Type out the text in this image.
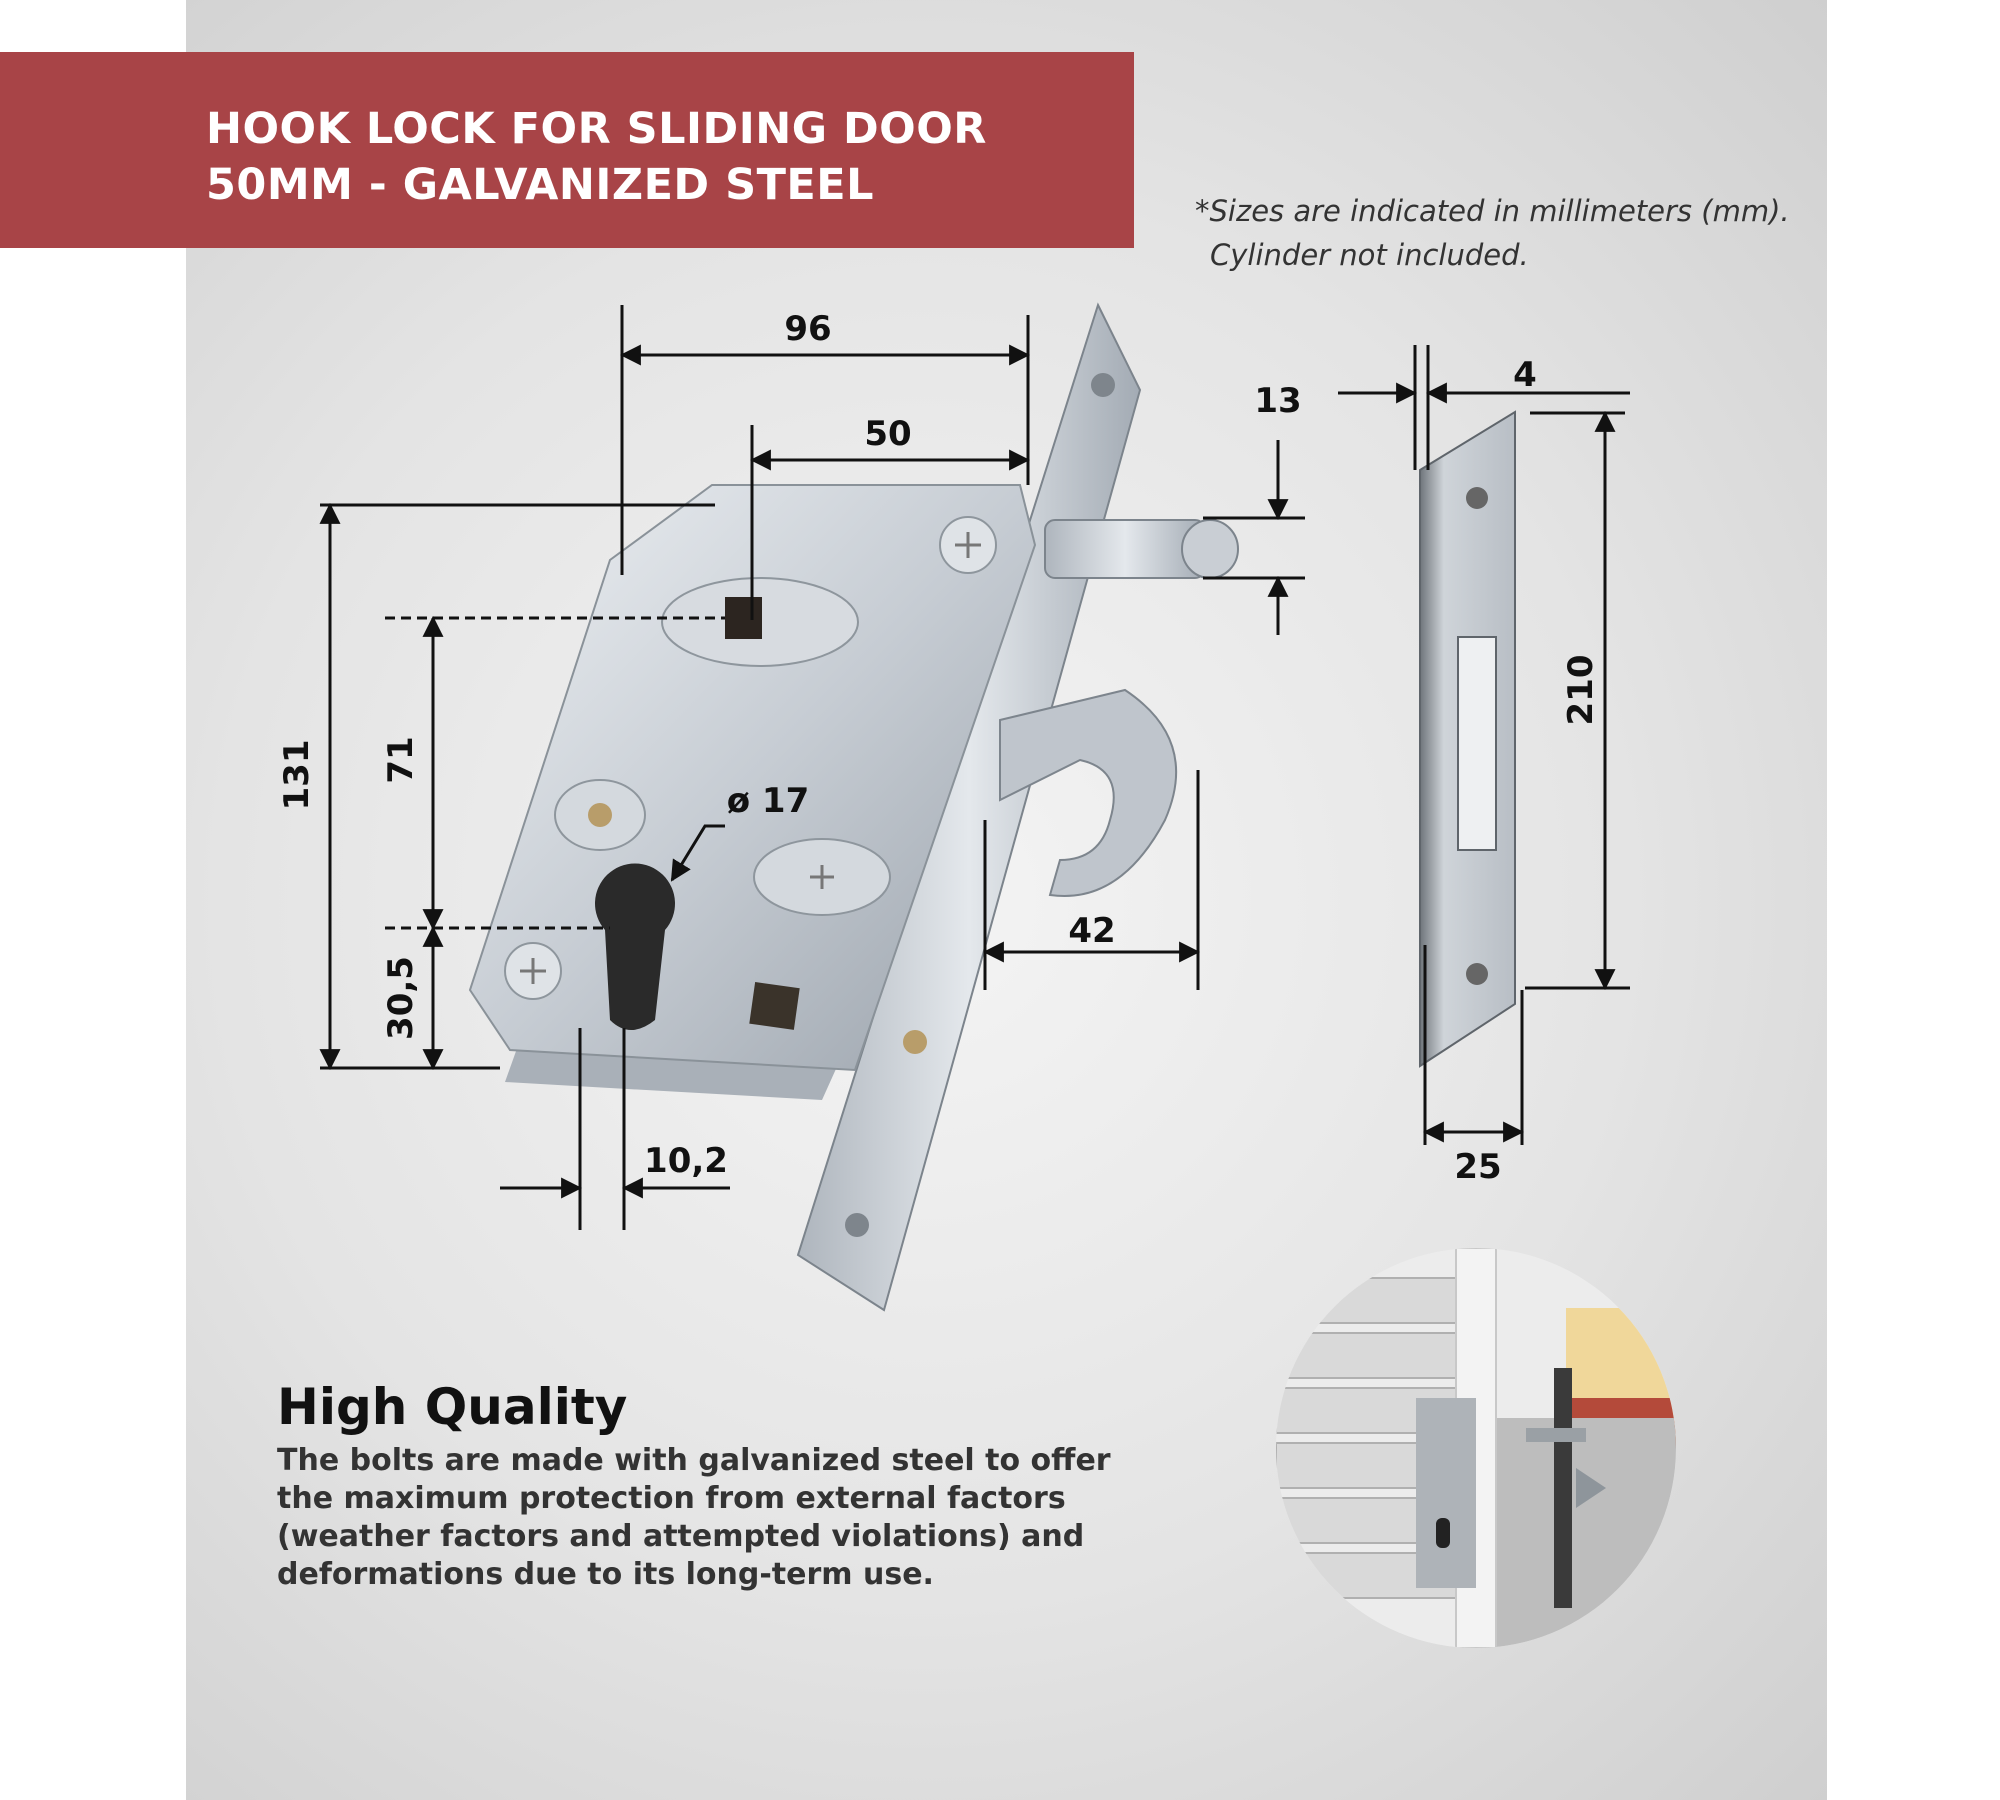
HOOK LOCK FOR SLIDING DOOR
50MM - GALVANIZED STEEL
*Sizes are indicated in millimeters (mm).
Cylinder not included.
96
50
131 71
30,5
ø 17
13
42
10,2
4
210
25
High Quality
The bolts are made with galvanized steel to offer the maximum protection from external factors (weather factors and attempted violations) and deformations due to its long-term use.
